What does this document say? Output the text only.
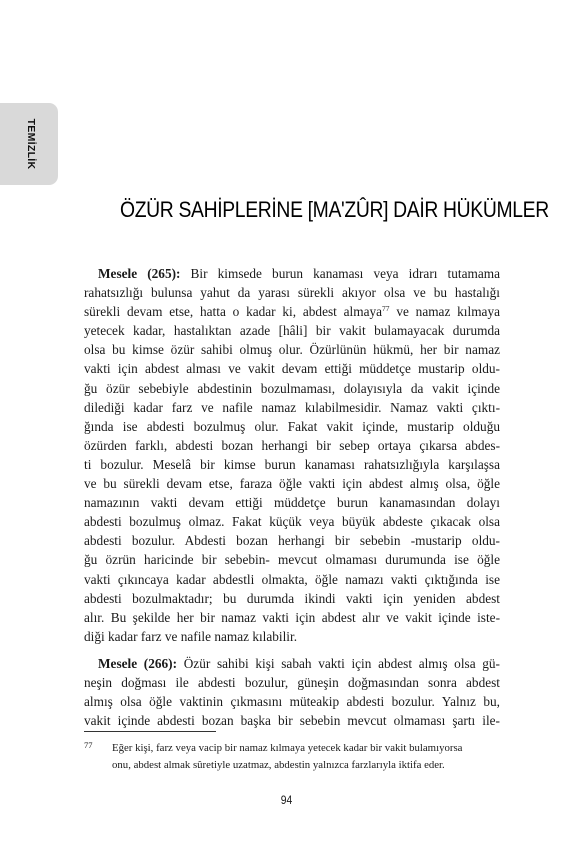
TEMİZLİK
ÖZÜR SAHİPLERİNE [MA'ZÛR] DAİR HÜKÜMLER
Mesele (265): Bir kimsede burun kanaması veya idrarı tutamama
rahatsızlığı bulunsa yahut da yarası sürekli akıyor olsa ve bu hastalığı
sürekli devam etse, hatta o kadar ki, abdest almaya$^{77}$ ve namaz kılmaya
yetecek kadar, hastalıktan azade [hâli] bir vakit bulamayacak durumda
olsa bu kimse özür sahibi olmuş olur. Özürlünün hükmü, her bir namaz
vakti için abdest alması ve vakit devam ettiği müddetçe mustarip oldu-
ğu özür sebebiyle abdestinin bozulmaması, dolayısıyla da vakit içinde
dilediği kadar farz ve nafile namaz kılabilmesidir. Namaz vakti çıktı-
ğında ise abdesti bozulmuş olur. Fakat vakit içinde, mustarip olduğu
özürden farklı, abdesti bozan herhangi bir sebep ortaya çıkarsa abdes-
ti bozulur. Meselâ bir kimse burun kanaması rahatsızlığıyla karşılaşsa
ve bu sürekli devam etse, faraza öğle vakti için abdest almış olsa, öğle
namazının vakti devam ettiği müddetçe burun kanamasından dolayı
abdesti bozulmuş olmaz. Fakat küçük veya büyük abdeste çıkacak olsa
abdesti bozulur. Abdesti bozan herhangi bir sebebin -mustarip oldu-
ğu özrün haricinde bir sebebin- mevcut olmaması durumunda ise öğle
vakti çıkıncaya kadar abdestli olmakta, öğle namazı vakti çıktığında ise
abdesti bozulmaktadır; bu durumda ikindi vakti için yeniden abdest
alır. Bu şekilde her bir namaz vakti için abdest alır ve vakit içinde iste-
diği kadar farz ve nafile namaz kılabilir.
Mesele (266): Özür sahibi kişi sabah vakti için abdest almış olsa gü-
neşin doğması ile abdesti bozulur, güneşin doğmasından sonra abdest
almış olsa öğle vaktinin çıkmasını müteakip abdesti bozulur. Yalnız bu,
vakit içinde abdesti bozan başka bir sebebin mevcut olmaması şartı ile-
77	Eğer kişi, farz veya vacip bir namaz kılmaya yetecek kadar bir vakit bulamıyorsa
onu, abdest almak sûretiyle uzatmaz, abdestin yalnızca farzlarıyla iktifa eder.
94
